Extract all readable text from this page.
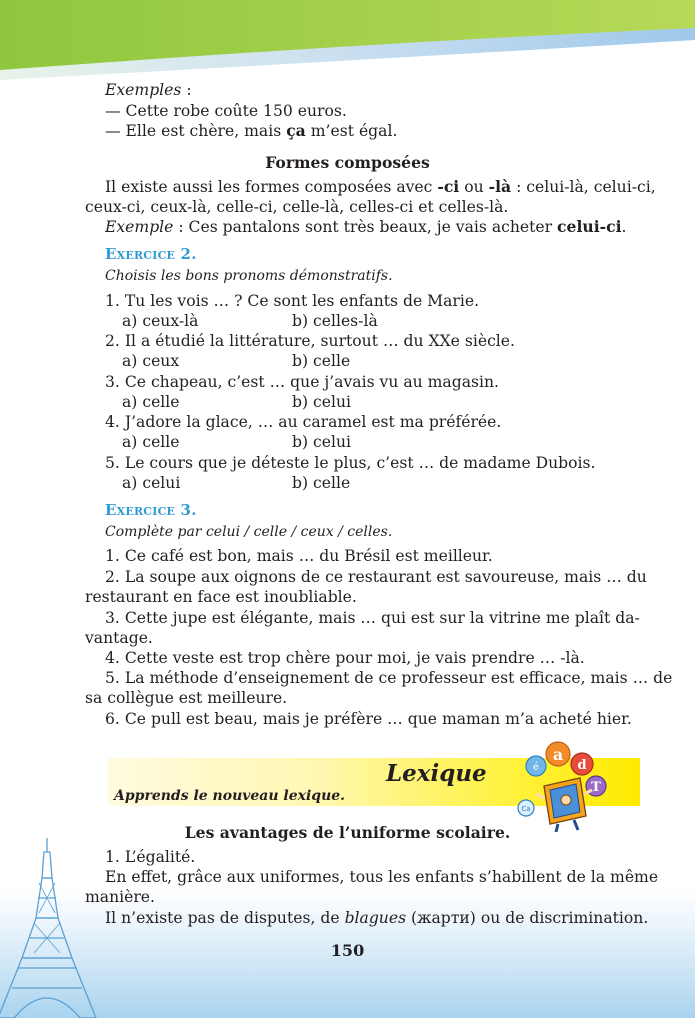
Exemples :
— Cette robe coûte 150 euros.
— Elle est chère, mais ça m’est égal.
Formes composées
Il existe aussi les formes composées avec -ci ou -là : celui-là, celui-ci,
ceux-ci, ceux-là, celle-ci, celle-là, celles-ci et celles-là.
Exemple : Ces pantalons sont très beaux, je vais acheter celui-ci.
Exercice 2.
Choisis les bons pronoms démonstratifs.
1. Tu les vois … ? Ce sont les enfants de Marie.
a) ceux-là	b) celles-là
2. Il a étudié la littérature, surtout … du XXe siècle.
a) ceux	b) celle
3. Ce chapeau, c’est … que j’avais vu au magasin.
a) celle	b) celui
4. J’adore la glace, … au caramel est ma préférée.
a) celle	b) celui
5. Le cours que je déteste le plus, c’est … de madame Dubois.
a) celui	b) celle
Exercice 3.
Complète par celui / celle / ceux / celles.
1. Ce café est bon, mais … du Brésil est meilleur.
2. La soupe aux oignons de ce restaurant est savoureuse, mais … du
restaurant en face est inoubliable.
3. Cette jupe est élégante, mais … qui est sur la vitrine me plaît da-
vantage.
4. Cette veste est trop chère pour moi, je vais prendre … -là.
5. La méthode d’enseignement de ce professeur est efficace, mais … de
sa collègue est meilleure.
6. Ce pull est beau, mais je préfère … que maman m’a acheté hier.
Lexique
Apprends le nouveau lexique.
a
d
T
é
Ca
Les avantages de l’uniforme scolaire.
1. L’égalité.
En effet, grâce aux uniformes, tous les enfants s’habillent de la même
manière.
Il n’existe pas de disputes, de blagues (жарти) ou de discrimination.
150
